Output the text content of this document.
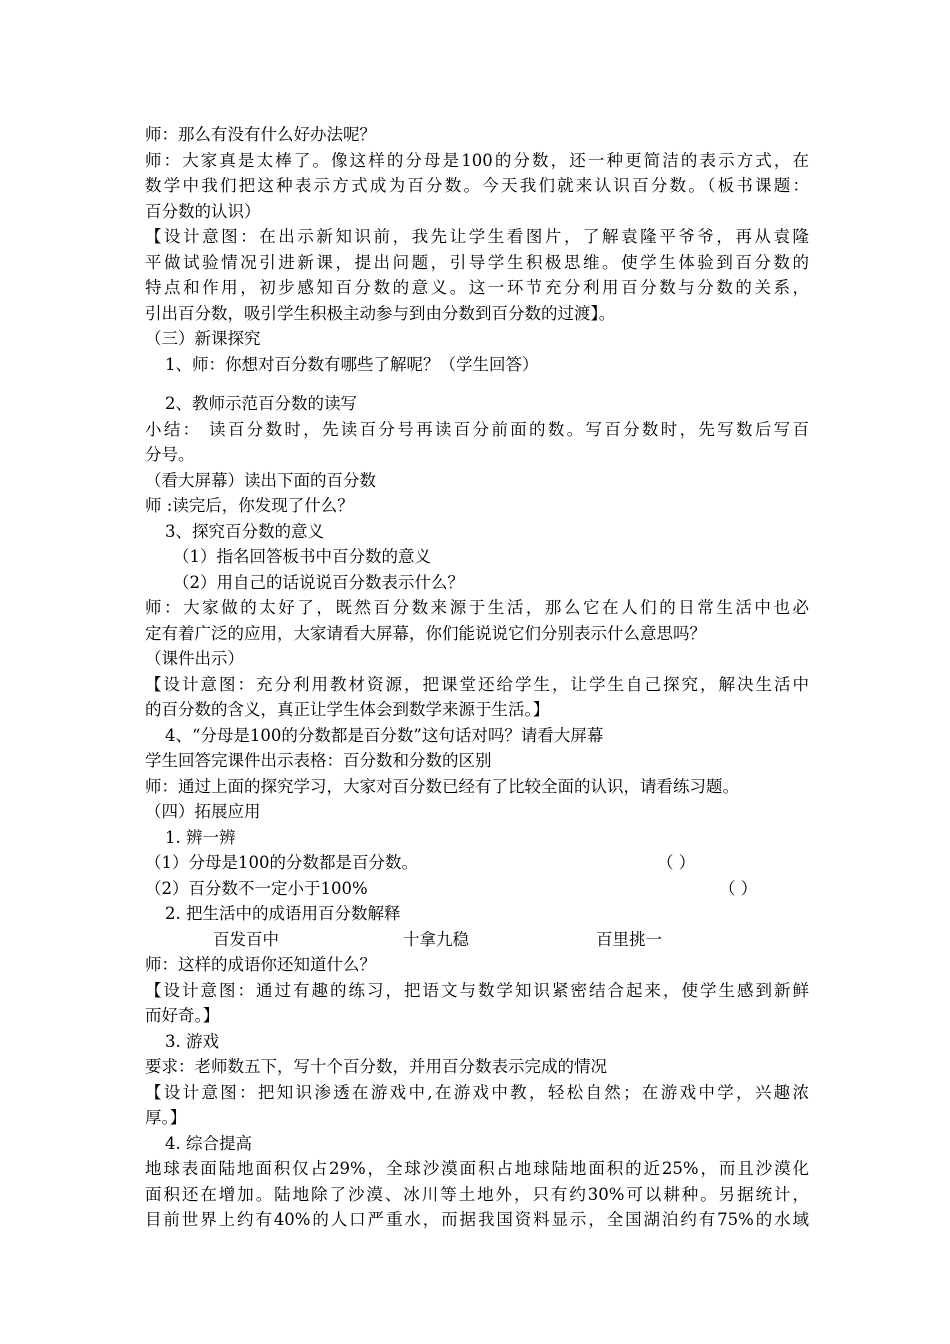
师：那么有没有什么好办法呢？
师：大家真是太棒了。像这样的分母是100的分数，还一种更简洁的表示方式，在
数学中我们把这种表示方式成为百分数。今天我们就来认识百分数。（板书课题：
百分数的认识）
【设计意图：在出示新知识前，我先让学生看图片，了解袁隆平爷爷，再从袁隆
平做试验情况引进新课，提出问题，引导学生积极思维。使学生体验到百分数的
特点和作用，初步感知百分数的意义。这一环节充分利用百分数与分数的关系，
引出百分数，吸引学生积极主动参与到由分数到百分数的过渡】。
（三）新课探究
1、师：你想对百分数有哪些了解呢？（学生回答）
2、教师示范百分数的读写
小结： 读百分数时，先读百分号再读百分前面的数。写百分数时，先写数后写百
分号。
（看大屏幕）读出下面的百分数
师 :读完后，你发现了什么？
3、探究百分数的意义
（1）指名回答板书中百分数的意义
（2）用自己的话说说百分数表示什么？
师：大家做的太好了，既然百分数来源于生活，那么它在人们的日常生活中也必
定有着广泛的应用，大家请看大屏幕，你们能说说它们分别表示什么意思吗？
（课件出示）
【设计意图：充分利用教材资源，把课堂还给学生，让学生自己探究，解决生活中
的百分数的含义，真正让学生体会到数学来源于生活。】
4、“分母是100的分数都是百分数”这句话对吗？请看大屏幕
学生回答完课件出示表格：百分数和分数的区别
师：通过上面的探究学习，大家对百分数已经有了比较全面的认识，请看练习题。
（四）拓展应用
1. 辨一辨
（1）分母是100的分数都是百分数。	（ ）
（2）百分数不一定小于100%	（ ）
2. 把生活中的成语用百分数解释
百发百中	十拿九稳	百里挑一
师：这样的成语你还知道什么？
【设计意图：通过有趣的练习，把语文与数学知识紧密结合起来，使学生感到新鲜
而好奇。】
3. 游戏
要求：老师数五下，写十个百分数，并用百分数表示完成的情况
【设计意图：把知识渗透在游戏中,在游戏中教，轻松自然；在游戏中学，兴趣浓
厚。】
4. 综合提高
地球表面陆地面积仅占29%，全球沙漠面积占地球陆地面积的近25%，而且沙漠化
面积还在增加。陆地除了沙漠、冰川等土地外，只有约30%可以耕种。另据统计，
目前世界上约有40%的人口严重水，而据我国资料显示，全国湖泊约有75%的水域
